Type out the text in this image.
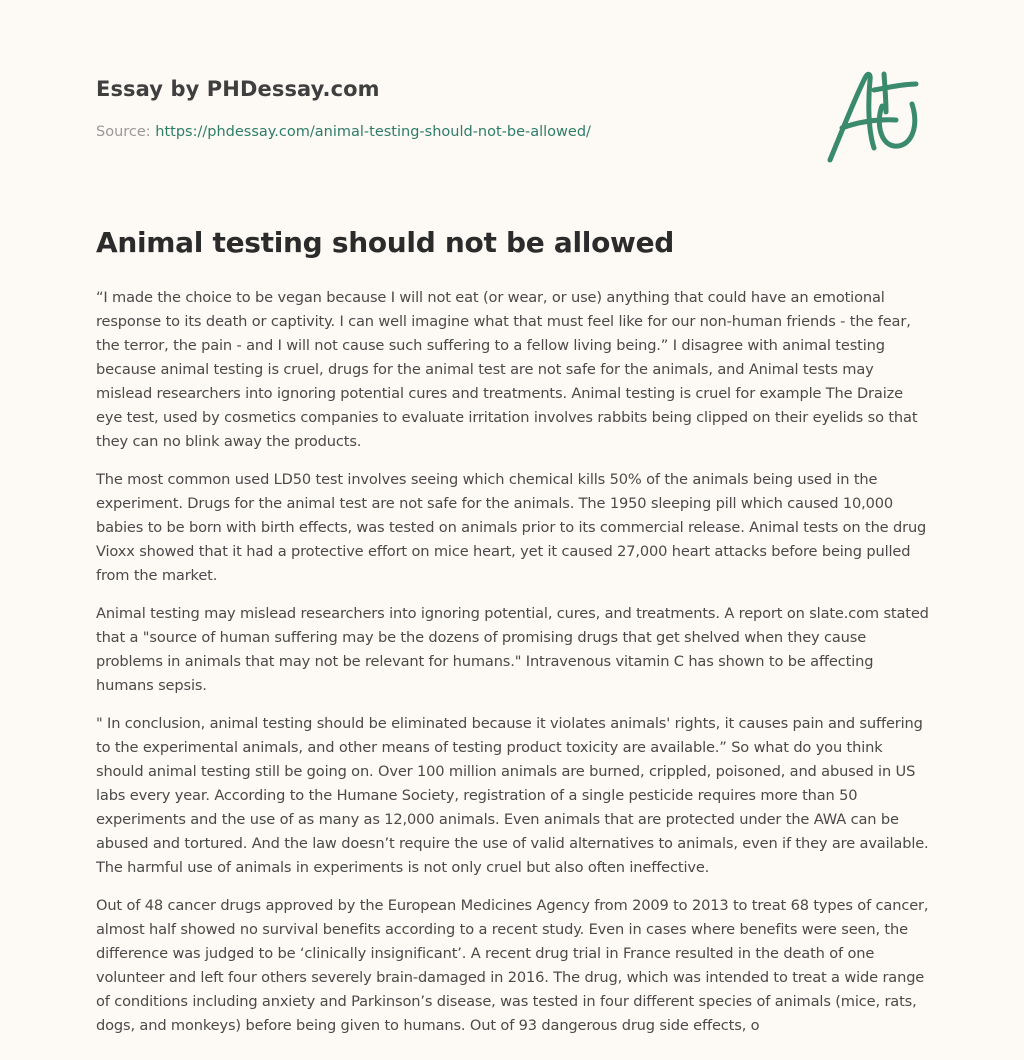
Essay by PHDessay.com
Source: https://phdessay.com/animal-testing-should-not-be-allowed/
Animal testing should not be allowed

“I made the choice to be vegan because I will not eat (or wear, or use) anything that could have an emotional response to its death or captivity. I can well imagine what that must feel like for our non-human friends - the fear, the terror, the pain - and I will not cause such suffering to a fellow living being.” I disagree with animal testing because animal testing is cruel, drugs for the animal test are not safe for the animals, and Animal tests may mislead researchers into ignoring potential cures and treatments. Animal testing is cruel for example The Draize eye test, used by cosmetics companies to evaluate irritation involves rabbits being clipped on their eyelids so that they can no blink away the products.

The most common used LD50 test involves seeing which chemical kills 50% of the animals being used in the experiment. Drugs for the animal test are not safe for the animals. The 1950 sleeping pill which caused 10,000 babies to be born with birth effects, was tested on animals prior to its commercial release. Animal tests on the drug Vioxx showed that it had a protective effort on mice heart, yet it caused 27,000 heart attacks before being pulled from the market.

Animal testing may mislead researchers into ignoring potential, cures, and treatments. A report on slate.com stated that a "source of human suffering may be the dozens of promising drugs that get shelved when they cause problems in animals that may not be relevant for humans." Intravenous vitamin C has shown to be affecting humans sepsis.

" In conclusion, animal testing should be eliminated because it violates animals' rights, it causes pain and suffering to the experimental animals, and other means of testing product toxicity are available.” So what do you think should animal testing still be going on. Over 100 million animals are burned, crippled, poisoned, and abused in US labs every year. According to the Humane Society, registration of a single pesticide requires more than 50 experiments and the use of as many as 12,000 animals. Even animals that are protected under the AWA can be abused and tortured. And the law doesn’t require the use of valid alternatives to animals, even if they are available. The harmful use of animals in experiments is not only cruel but also often ineffective.

Out of 48 cancer drugs approved by the European Medicines Agency from 2009 to 2013 to treat 68 types of cancer, almost half showed no survival benefits according to a recent study. Even in cases where benefits were seen, the difference was judged to be ‘clinically insignificant’. A recent drug trial in France resulted in the death of one volunteer and left four others severely brain-damaged in 2016. The drug, which was intended to treat a wide range of conditions including anxiety and Parkinson’s disease, was tested in four different species of animals (mice, rats, dogs, and monkeys) before being given to humans. Out of 93 dangerous drug side effects, o
